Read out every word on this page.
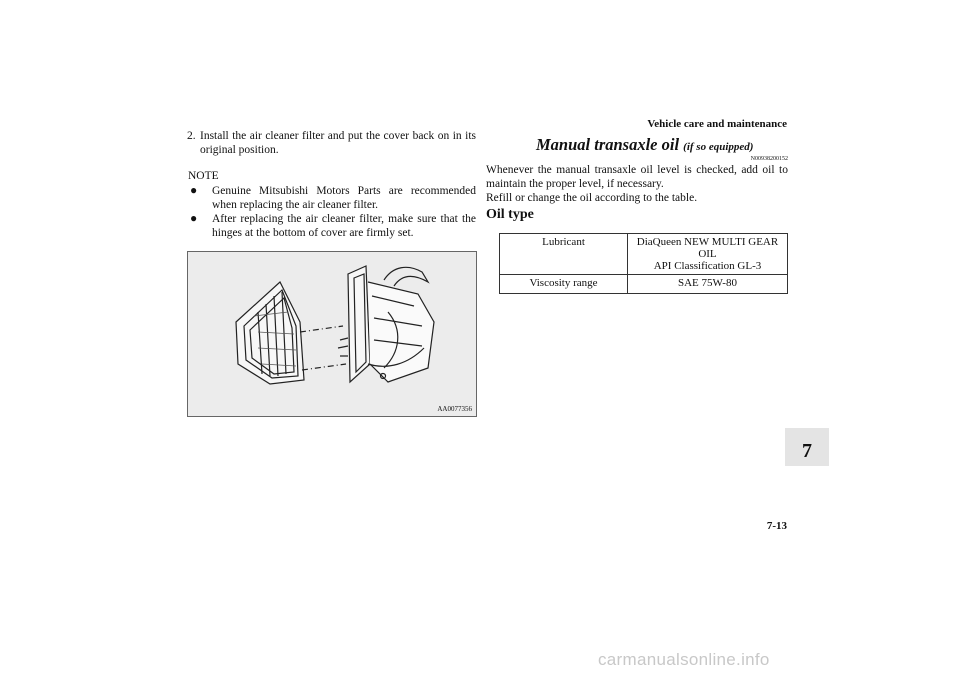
Vehicle care and maintenance
2. Install the air cleaner filter and put the cover back on in its original position.
NOTE
● Genuine Mitsubishi Motors Parts are recommended when replacing the air cleaner filter.
● After replacing the air cleaner filter, make sure that the hinges at the bottom of cover are firmly set.
AA0077356
Manual transaxle oil (if so equipped)
N00938200152

Whenever the manual transaxle oil level is checked, add oil to maintain the proper level, if necessary.

Refill or change the oil according to the table.

Oil type
Lubricant	DiaQueen NEW MULTI GEAR OIL
API Classification GL-3

Viscosity range	SAE 75W-80
7
7-13
carmanualsonline.info
